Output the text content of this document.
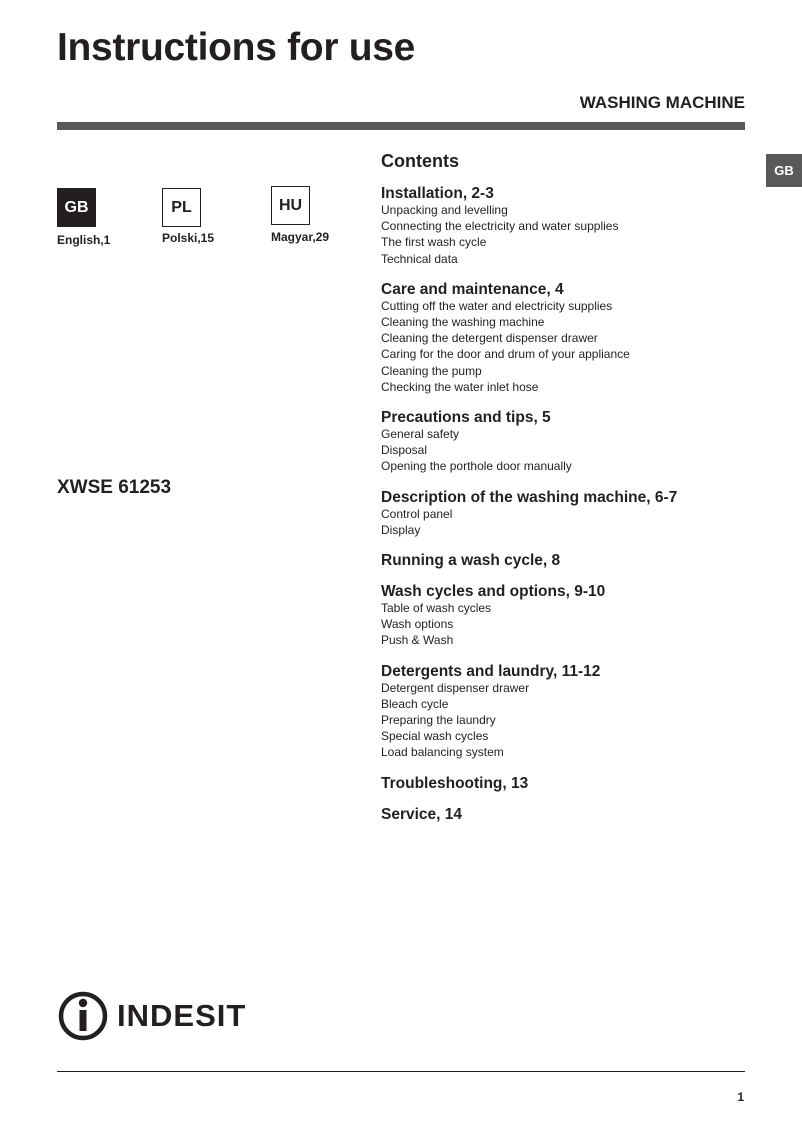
Instructions for use
WASHING MACHINE
GB
GB
English,1
PL
Polski,15
HU
Magyar,29
XWSE 61253
Contents
Installation, 2-3
Unpacking and levelling
Connecting the electricity and water supplies
The first wash cycle
Technical data
Care and maintenance, 4
Cutting off the water and electricity supplies
Cleaning the washing machine
Cleaning the detergent dispenser drawer
Caring for the door and drum of your appliance
Cleaning the pump
Checking the water inlet hose
Precautions and tips, 5
General safety
Disposal
Opening the porthole door manually
Description of the washing machine, 6-7
Control panel
Display
Running a wash cycle, 8
Wash cycles and options, 9-10
Table of wash cycles
Wash options
Push & Wash
Detergents and laundry, 11-12
Detergent dispenser drawer
Bleach cycle
Preparing the laundry
Special wash cycles
Load balancing system
Troubleshooting, 13
Service, 14
INDESIT
1
